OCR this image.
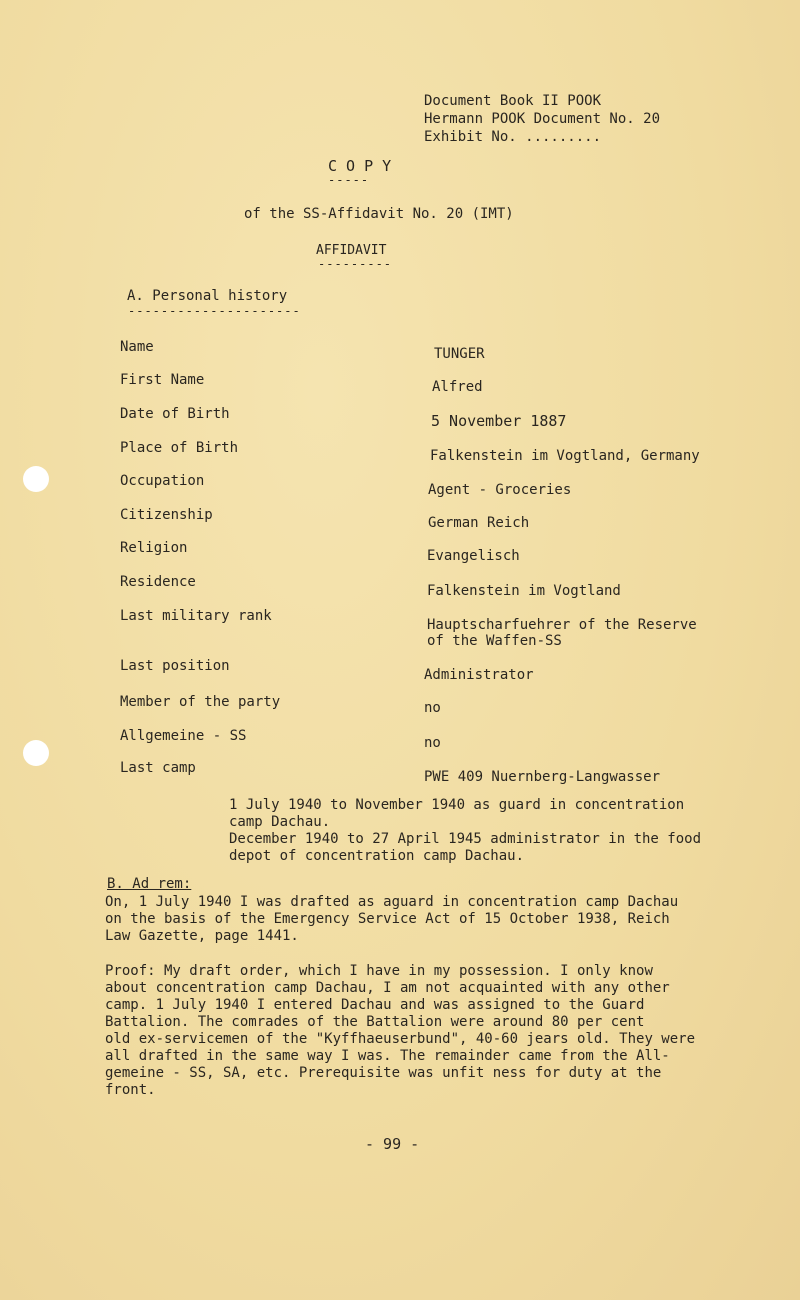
Document Book II POOK
Hermann POOK Document No. 20
Exhibit No. .........
C O P Y
-----
of the SS-Affidavit No. 20 (IMT)
AFFIDAVIT
---------
A. Personal history
---------------------
Name
First Name
Date of Birth
Place of Birth
Occupation
Citizenship
Religion
Residence
Last military rank
Last position
Member of the party
Allgemeine - SS
Last camp
TUNGER
Alfred
5 November 1887
Falkenstein im Vogtland, Germany
Agent - Groceries
German Reich
Evangelisch
Falkenstein im Vogtland
Hauptscharfuehrer of the Reserve
of the Waffen-SS
Administrator
no
no
PWE 409 Nuernberg-Langwasser
1 July 1940 to November 1940 as guard in concentration
camp Dachau.
December 1940 to 27 April 1945 administrator in the food
depot of concentration camp Dachau.
B. Ad rem:
On, 1 July 1940 I was drafted as aguard in concentration camp Dachau
on the basis of the Emergency Service Act of 15 October 1938, Reich
Law Gazette, page 1441.
Proof: My draft order, which I have in my possession. I only know
about concentration camp Dachau, I am not acquainted with any other
camp. 1 July 1940 I entered Dachau and was assigned to the Guard
Battalion. The comrades of the Battalion were around 80 per cent
old ex-servicemen of the "Kyffhaeuserbund", 40-60 jears old. They were
all drafted in the same way I was. The remainder came from the All-
gemeine - SS, SA, etc. Prerequisite was unfit ness for duty at the
front.
- 99 -
